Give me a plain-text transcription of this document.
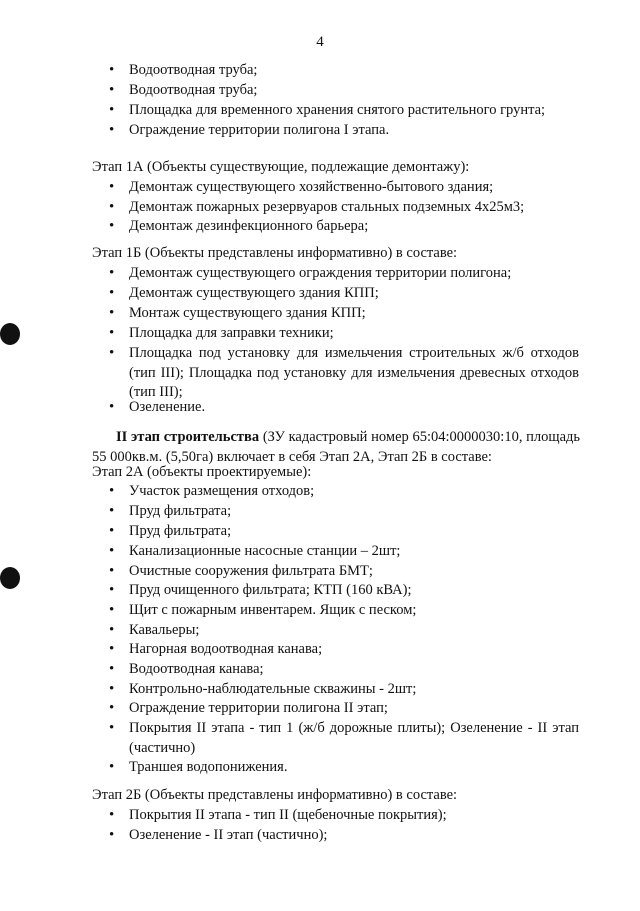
4
• Водоотводная труба;
• Водоотводная труба;
• Площадка для временного хранения снятого растительного грунта;
• Ограждение территории полигона I этапа.
Этап 1А (Объекты существующие, подлежащие демонтажу):
• Демонтаж существующего хозяйственно-бытового здания;
• Демонтаж пожарных резервуаров стальных подземных 4х25м3;
• Демонтаж дезинфекционного барьера;
Этап 1Б (Объекты представлены информативно) в составе:
• Демонтаж существующего ограждения территории полигона;
• Демонтаж существующего здания КПП;
• Монтаж существующего здания КПП;
• Площадка для заправки техники;
• Площадка под установку для измельчения строительных ж/б отходов (тип III); Площадка под установку для измельчения древесных отходов (тип III);
• Озеленение.
II этап строительства (ЗУ кадастровый номер 65:04:0000030:10, площадь 55 000кв.м. (5,50га) включает в себя Этап 2А, Этап 2Б в составе:
Этап 2А (объекты проектируемые):
• Участок размещения отходов;
• Пруд фильтрата;
• Пруд фильтрата;
• Канализационные насосные станции – 2шт;
• Очистные сооружения фильтрата БМТ;
• Пруд очищенного фильтрата; КТП (160 кВА);
• Щит с пожарным инвентарем. Ящик с песком;
• Кавальеры;
• Нагорная водоотводная канава;
• Водоотводная канава;
• Контрольно-наблюдательные скважины - 2шт;
• Ограждение территории полигона II этап;
• Покрытия II этапа - тип 1 (ж/б дорожные плиты); Озеленение - II этап (частично)
• Траншея водопонижения.
Этап 2Б (Объекты представлены информативно) в составе:
• Покрытия II этапа - тип II (щебеночные покрытия);
• Озеленение - II этап (частично);
